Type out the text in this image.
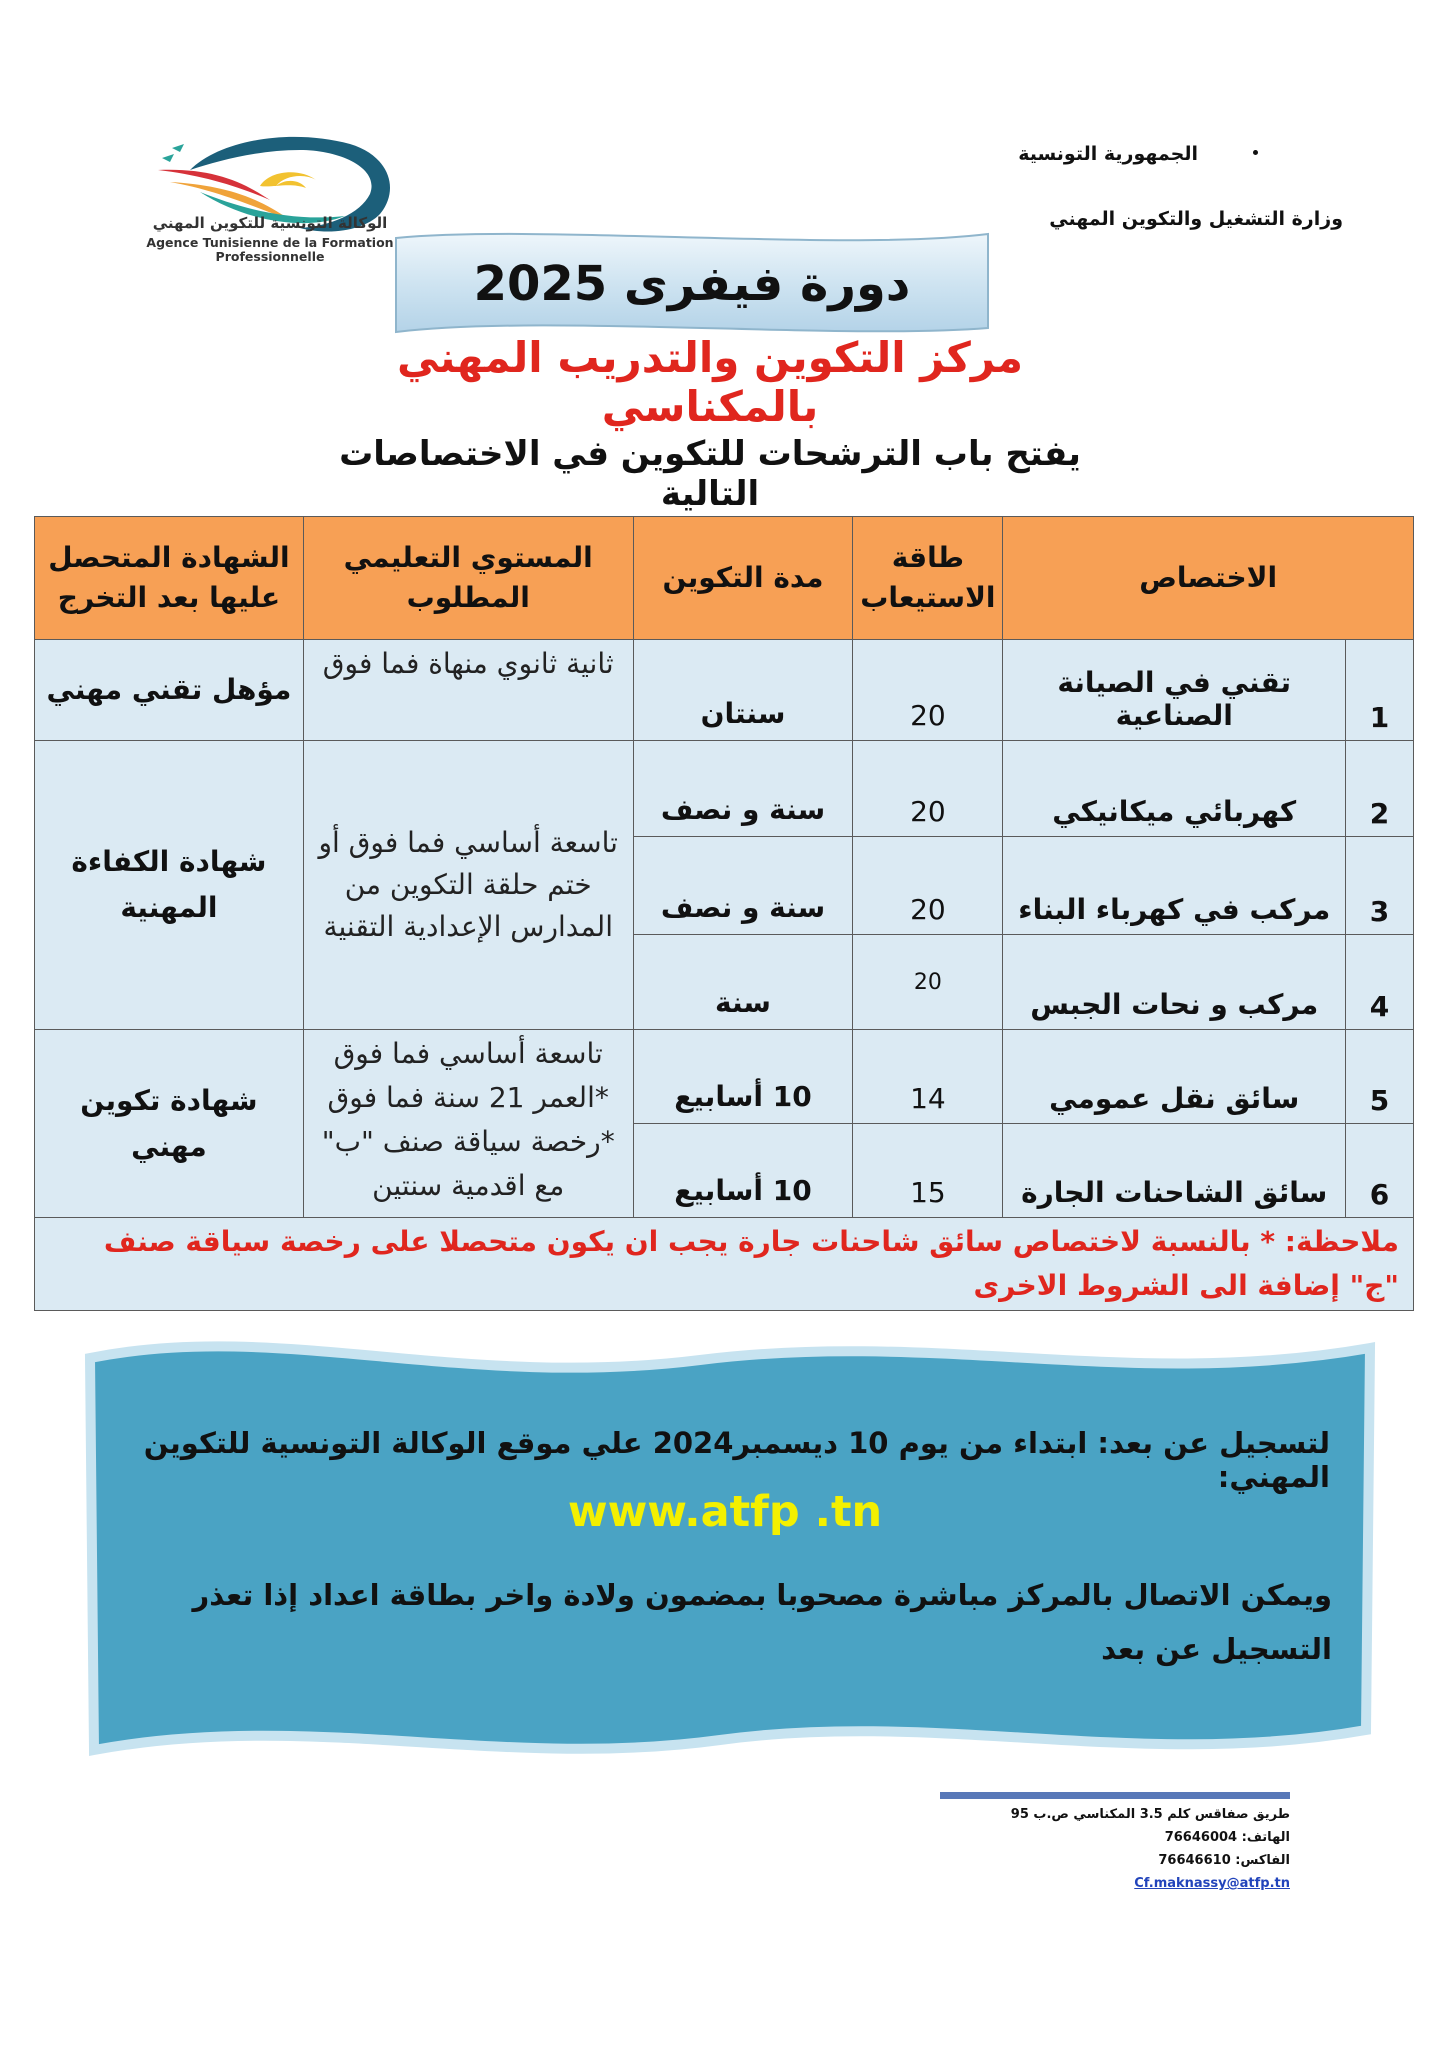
الجمهورية التونسية
وزارة التشغيل والتكوين المهني
الوكالة التونسية للتكوين المهني
Agence Tunisienne de la Formation
Professionnelle	دورة فيفرى 2025
مركز التكوين والتدريب المهني بالمكناسي
يفتح باب الترشحات للتكوين في الاختصاصات التالية
الاختصاص		طاقة الاستيعاب	مدة التكوين	المستوي التعليمي المطلوب	الشهادة المتحصل عليها بعد التخرج
1	تقني في الصيانة الصناعية	20	سنتان	ثانية ثانوي منهاة فما فوق	مؤهل تقني مهني
2	كهربائي ميكانيكي	20	سنة و نصف	تاسعة أساسي فما فوق أو ختم حلقة التكوين من المدارس الإعدادية التقنية	شهادة الكفاءة المهنية
3	مركب في كهرباء البناء	20	سنة و نصف		
4	مركب و نحات الجبس	20	سنة		
5	سائق نقل عمومي	14	10 أسابيع	تاسعة أساسي فما فوق
*العمر 21 سنة فما فوق
*رخصة سياقة صنف "ب"
مع اقدمية سنتين	شهادة تكوين مهني
6	سائق الشاحنات الجارة	15	10 أسابيع		
ملاحظة: * بالنسبة لاختصاص سائق شاحنات جارة يجب ان يكون متحصلا على رخصة سياقة صنف "ج" إضافة الى الشروط الاخرى					
لتسجيل عن بعد: ابتداء من يوم 10 ديسمبر2024 علي موقع الوكالة التونسية للتكوين المهني:
www.atfp .tn
ويمكن الاتصال بالمركز مباشرة مصحوبا بمضمون ولادة واخر بطاقة اعداد إذا تعذر التسجيل عن بعد
طريق صفاقس كلم 3.5 المكناسي ص.ب 95
الهاتف: 76646004
الفاكس: 76646610
Cf.maknassy@atfp.tn
